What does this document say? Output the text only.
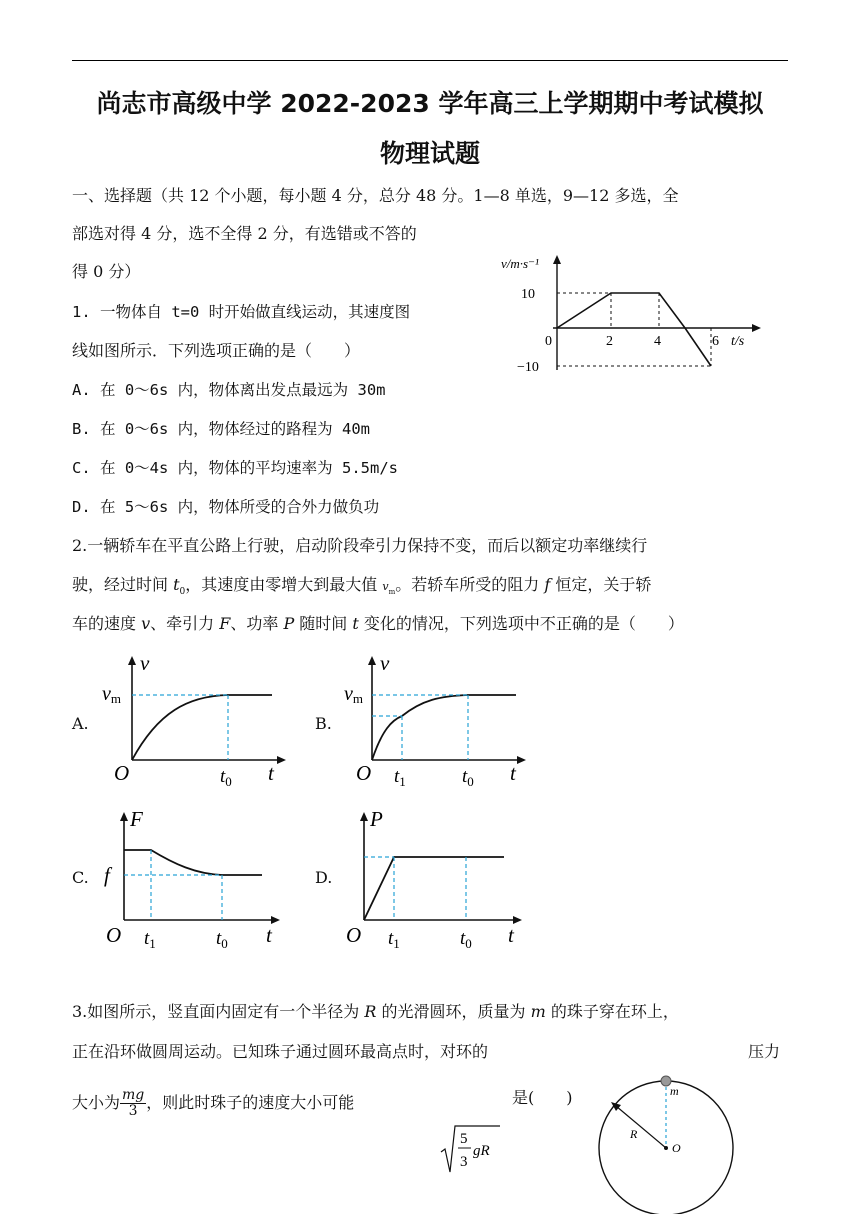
尚志市高级中学 2022-2023 学年高三上学期期中考试模拟
物理试题
一、选择题（共 12 个小题，每小题 4 分，总分 48 分。1—8 单选，9—12 多选，全
部选对得 4 分，选不全得 2 分，有选错或不答的
得 0 分）
1. 一物体自 t=0 时开始做直线运动，其速度图
线如图所示．下列选项正确的是（　　）
A. 在 0～6s 内，物体离出发点最远为 30m
B. 在 0～6s 内，物体经过的路程为 40m
C. 在 0～4s 内，物体的平均速率为 5.5m/s
D. 在 5～6s 内，物体所受的合外力做负功
v/m·s⁻¹
10
−10
0	2	4	6 t/s
2.一辆轿车在平直公路上行驶，启动阶段牵引力保持不变，而后以额定功率继续行
驶，经过时间 $t_0$，其速度由零增大到最大值 $v_m$。若轿车所受的阻力 f 恒定，关于轿
车的速度 v、牵引力 F、功率 P 随时间 t 变化的情况，下列选项中不正确的是（　　）
A.
v
vm
O	$t_0$ t
B.
v
vm
O $t_1$	$t_0$ t
C.
F
f
O $t_1$	$t_0$ t
D.
P
O $t_1$	$t_0$ t
3.如图所示，竖直面内固定有一个半径为 R 的光滑圆环，质量为 m 的珠子穿在环上，
正在沿环做圆周运动。已知珠子通过圆环最高点时，对环的	压力
大小为 $\frac{mg}{3}$ ，则此时珠子的速度大小可能	是(　　)
5
3
gR
m
R
O
